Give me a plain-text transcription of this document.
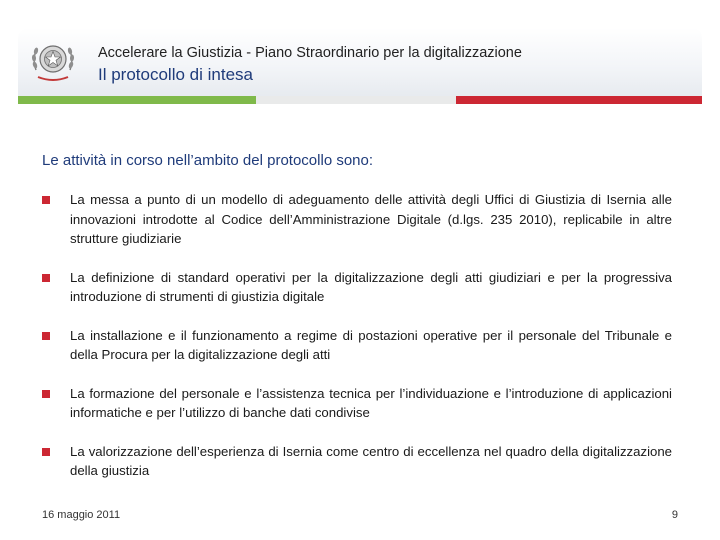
Accelerare la Giustizia - Piano Straordinario per la digitalizzazione
Il protocollo di intesa
Le attività in corso nell’ambito del protocollo sono:
La messa a punto di un modello di adeguamento delle attività degli Uffici di Giustizia di Isernia alle innovazioni introdotte al Codice dell’Amministrazione Digitale (d.lgs. 235 2010), replicabile in altre strutture giudiziarie
La definizione di standard operativi per la digitalizzazione degli atti giudiziari e per la progressiva introduzione di strumenti di giustizia digitale
La installazione e il funzionamento a regime di postazioni operative per il personale del Tribunale e della Procura per la digitalizzazione degli atti
La formazione del personale e l’assistenza tecnica per l’individuazione e l’introduzione di applicazioni informatiche e per l’utilizzo di banche dati condivise
La valorizzazione dell’esperienza di Isernia come centro di eccellenza nel quadro della digitalizzazione della giustizia
16 maggio 2011	9
